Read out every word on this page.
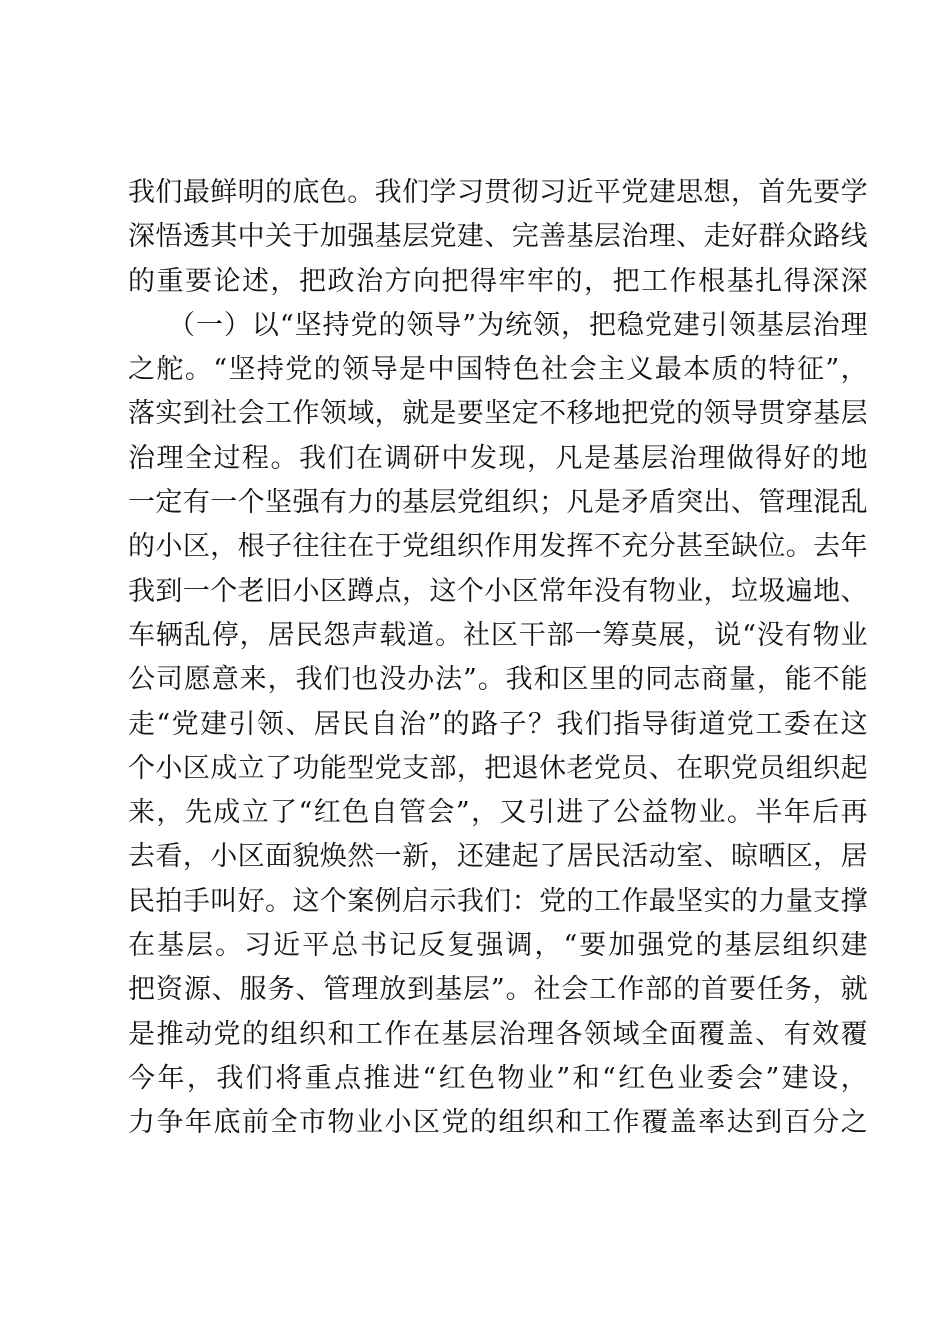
我们最鲜明的底色。我们学习贯彻习近平党建思想，首先要学
深悟透其中关于加强基层党建、完善基层治理、走好群众路线
的重要论述，把政治方向把得牢牢的，把工作根基扎得深深
（一）以“坚持党的领导”为统领，把稳党建引领基层治理
之舵。“坚持党的领导是中国特色社会主义最本质的特征”，
落实到社会工作领域，就是要坚定不移地把党的领导贯穿基层
治理全过程。我们在调研中发现，凡是基层治理做得好的地
一定有一个坚强有力的基层党组织；凡是矛盾突出、管理混乱
的小区，根子往往在于党组织作用发挥不充分甚至缺位。去年
我到一个老旧小区蹲点，这个小区常年没有物业，垃圾遍地、
车辆乱停，居民怨声载道。社区干部一筹莫展，说“没有物业
公司愿意来，我们也没办法”。我和区里的同志商量，能不能
走“党建引领、居民自治”的路子？我们指导街道党工委在这
个小区成立了功能型党支部，把退休老党员、在职党员组织起
来，先成立了“红色自管会”，又引进了公益物业。半年后再
去看，小区面貌焕然一新，还建起了居民活动室、晾晒区，居
民拍手叫好。这个案例启示我们：党的工作最坚实的力量支撑
在基层。习近平总书记反复强调，“要加强党的基层组织建
把资源、服务、管理放到基层”。社会工作部的首要任务，就
是推动党的组织和工作在基层治理各领域全面覆盖、有效覆
今年，我们将重点推进“红色物业”和“红色业委会”建设，
力争年底前全市物业小区党的组织和工作覆盖率达到百分之
